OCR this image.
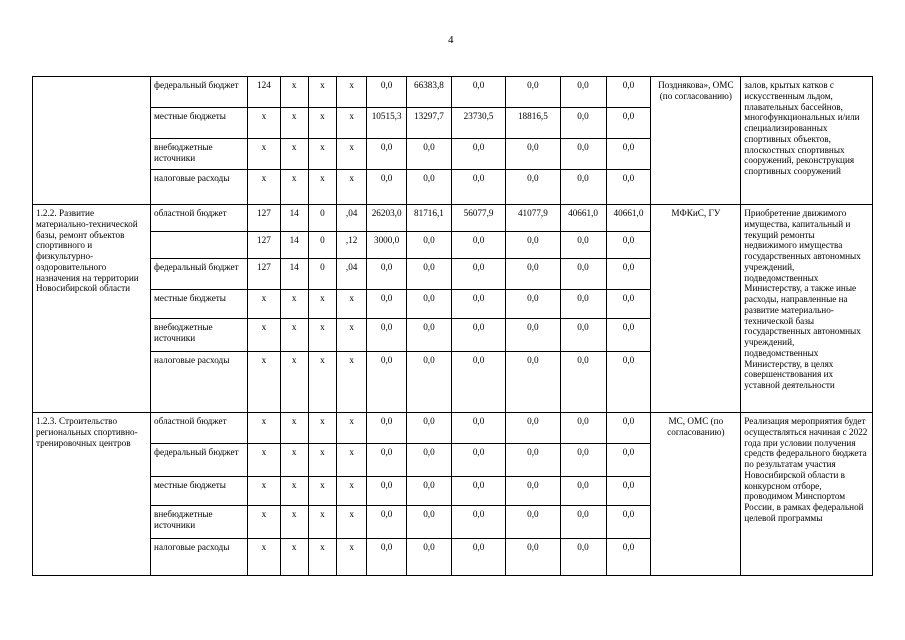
4
	федеральный бюджет	124	x	x	x	0,0	66383,8	0,0	0,0	0,0	0,0	Позднякова», ОМС (по согласованию)	залов, крытых катков с искусственным льдом, плавательных бассейнов, многофункциональных и/или специализированных спортивных объектов, плоскостных спортивных сооружений, реконструкция спортивных сооружений
	местные бюджеты	x	x	x	x	10515,3	13297,7	23730,5	18816,5	0,0	0,0		
	внебюджетные источники	x	x	x	x	0,0	0,0	0,0	0,0	0,0	0,0		
	налоговые расходы	x	x	x	x	0,0	0,0	0,0	0,0	0,0	0,0		
1.2.2. Развитие материально-технической базы, ремонт объектов спортивного и физкультурно-оздоровительного назначения на территории Новосибирской области	областной бюджет	127	14	0	,04	26203,0	81716,1	56077,9	41077,9	40661,0	40661,0	МФКиС, ГУ	Приобретение движимого имущества, капитальный и текущий ремонты недвижимого имущества государственных автономных учреждений, подведомственных Министерству, а также иные расходы, направленные на развитие материально-технической базы государственных автономных учреждений, подведомственных Министерству, в целях совершенствования их уставной деятельности
		127	14	0	,12	3000,0	0,0	0,0	0,0	0,0	0,0		
	федеральный бюджет	127	14	0	,04	0,0	0,0	0,0	0,0	0,0	0,0		
	местные бюджеты	x	x	x	x	0,0	0,0	0,0	0,0	0,0	0,0		
	внебюджетные источники	x	x	x	x	0,0	0,0	0,0	0,0	0,0	0,0		
	налоговые расходы	x	x	x	x	0,0	0,0	0,0	0,0	0,0	0,0		
1.2.3. Строительство региональных спортивно-тренировочных центров	областной бюджет	x	x	x	x	0,0	0,0	0,0	0,0	0,0	0,0	МС, ОМС (по согласованию)	Реализация мероприятия будет осуществляться начиная с 2022 года при условии получения средств федерального бюджета по результатам участия Новосибирской области в конкурсном отборе, проводимом Минспортом России, в рамках федеральной целевой программы
	федеральный бюджет	x	x	x	x	0,0	0,0	0,0	0,0	0,0	0,0		
	местные бюджеты	x	x	x	x	0,0	0,0	0,0	0,0	0,0	0,0		
	внебюджетные источники	x	x	x	x	0,0	0,0	0,0	0,0	0,0	0,0		
	налоговые расходы	x	x	x	x	0,0	0,0	0,0	0,0	0,0	0,0		
